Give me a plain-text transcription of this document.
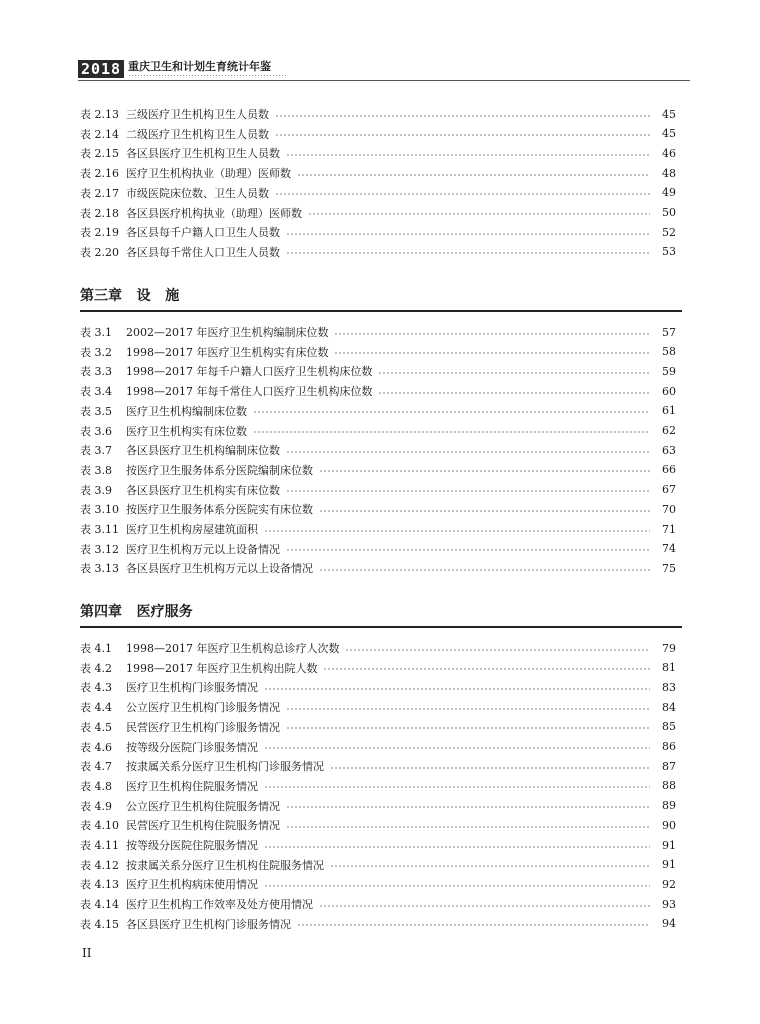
2018 重庆卫生和计划生育统计年鉴
表 2.13 三级医疗卫生机构卫生人员数	45
表 2.14 二级医疗卫生机构卫生人员数	45
表 2.15 各区县医疗卫生机构卫生人员数	46
表 2.16 医疗卫生机构执业（助理）医师数	48
表 2.17 市级医院床位数、卫生人员数	49
表 2.18 各区县医疗机构执业（助理）医师数	50
表 2.19 各区县每千户籍人口卫生人员数	52
表 2.20 各区县每千常住人口卫生人员数	53
第三章   设   施
表 3.1	2002—2017 年医疗卫生机构编制床位数	57
表 3.2	1998—2017 年医疗卫生机构实有床位数	58
表 3.3	1998—2017 年每千户籍人口医疗卫生机构床位数	59
表 3.4	1998—2017 年每千常住人口医疗卫生机构床位数	60
表 3.5	医疗卫生机构编制床位数	61
表 3.6	医疗卫生机构实有床位数	62
表 3.7	各区县医疗卫生机构编制床位数	63
表 3.8	按医疗卫生服务体系分医院编制床位数	66
表 3.9	各区县医疗卫生机构实有床位数	67
表 3.10 按医疗卫生服务体系分医院实有床位数	70
表 3.11 医疗卫生机构房屋建筑面积	71
表 3.12 医疗卫生机构万元以上设备情况	74
表 3.13 各区县医疗卫生机构万元以上设备情况	75
第四章   医疗服务
表 4.1	1998—2017 年医疗卫生机构总诊疗人次数	79
表 4.2	1998—2017 年医疗卫生机构出院人数	81
表 4.3	医疗卫生机构门诊服务情况	83
表 4.4	公立医疗卫生机构门诊服务情况	84
表 4.5	民营医疗卫生机构门诊服务情况	85
表 4.6	按等级分医院门诊服务情况	86
表 4.7	按隶属关系分医疗卫生机构门诊服务情况	87
表 4.8	医疗卫生机构住院服务情况	88
表 4.9	公立医疗卫生机构住院服务情况	89
表 4.10 民营医疗卫生机构住院服务情况	90
表 4.11 按等级分医院住院服务情况	91
表 4.12 按隶属关系分医疗卫生机构住院服务情况	91
表 4.13 医疗卫生机构病床使用情况	92
表 4.14 医疗卫生机构工作效率及处方使用情况	93
表 4.15 各区县医疗卫生机构门诊服务情况	94
II
